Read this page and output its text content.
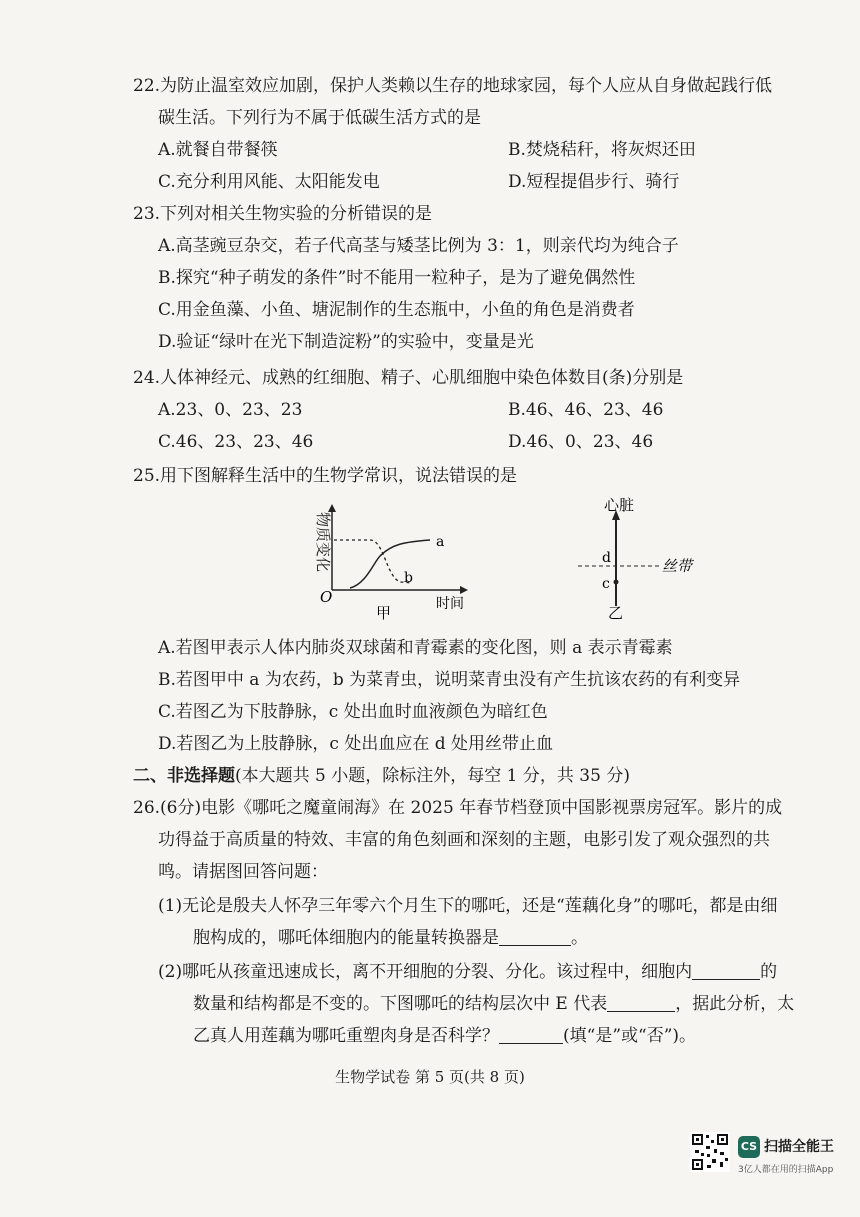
22.为防止温室效应加剧，保护人类赖以生存的地球家园，每个人应从自身做起践行低
碳生活。下列行为不属于低碳生活方式的是
A.就餐自带餐筷	B.焚烧秸秆，将灰烬还田
C.充分利用风能、太阳能发电	D.短程提倡步行、骑行
23.下列对相关生物实验的分析错误的是
A.高茎豌豆杂交，若子代高茎与矮茎比例为 3：1，则亲代均为纯合子
B.探究“种子萌发的条件”时不能用一粒种子，是为了避免偶然性
C.用金鱼藻、小鱼、塘泥制作的生态瓶中，小鱼的角色是消费者
D.验证“绿叶在光下制造淀粉”的实验中，变量是光
24.人体神经元、成熟的红细胞、精子、心肌细胞中染色体数目(条)分别是
A.23、0、23、23	B.46、46、23、46
C.46、23、23、46	D.46、0、23、46
25.用下图解释生活中的生物学常识，说法错误的是
物质变化
O
a
b
时间
甲
心脏
d
c
丝带
乙
A.若图甲表示人体内肺炎双球菌和青霉素的变化图，则 a 表示青霉素
B.若图甲中 a 为农药，b 为菜青虫，说明菜青虫没有产生抗该农药的有利变异
C.若图乙为下肢静脉，c 处出血时血液颜色为暗红色
D.若图乙为上肢静脉，c 处出血应在 d 处用丝带止血
二、非选择题(本大题共 5 小题，除标注外，每空 1 分，共 35 分)
26.(6分)电影《哪吒之魔童闹海》在 2025 年春节档登顶中国影视票房冠军。影片的成
功得益于高质量的特效、丰富的角色刻画和深刻的主题，电影引发了观众强烈的共
鸣。请据图回答问题：
(1)无论是殷夫人怀孕三年零六个月生下的哪吒，还是“莲藕化身”的哪吒，都是由细
胞构成的，哪吒体细胞内的能量转换器是	。
(2)哪吒从孩童迅速成长，离不开细胞的分裂、分化。该过程中，细胞内	的
数量和结构都是不变的。下图哪吒的结构层次中 E 代表	，据此分析，太
乙真人用莲藕为哪吒重塑肉身是否科学？	(填“是”或“否”)。
生物学试卷 第 5 页(共 8 页)
CS 扫描全能王
3亿人都在用的扫描App
